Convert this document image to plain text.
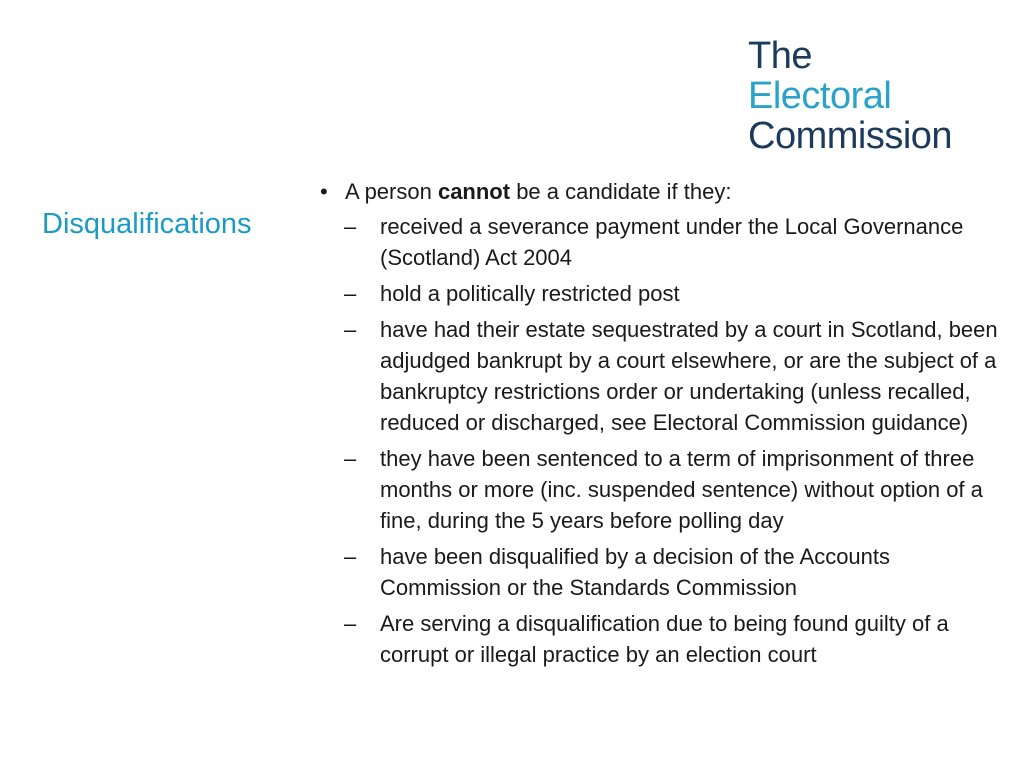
The
Electoral
Commission
Disqualifications
• A person cannot be a candidate if they:
– received a severance payment under the Local Governance (Scotland) Act 2004
– hold a politically restricted post
– have had their estate sequestrated by a court in Scotland, been adjudged bankrupt by a court elsewhere, or are the subject of a bankruptcy restrictions order or undertaking (unless recalled, reduced or discharged, see Electoral Commission guidance)
– they have been sentenced to a term of imprisonment of three months or more (inc. suspended sentence) without option of a fine, during the 5 years before polling day
– have been disqualified by a decision of the Accounts Commission or the Standards Commission
– Are serving a disqualification due to being found guilty of a corrupt or illegal practice by an election court
